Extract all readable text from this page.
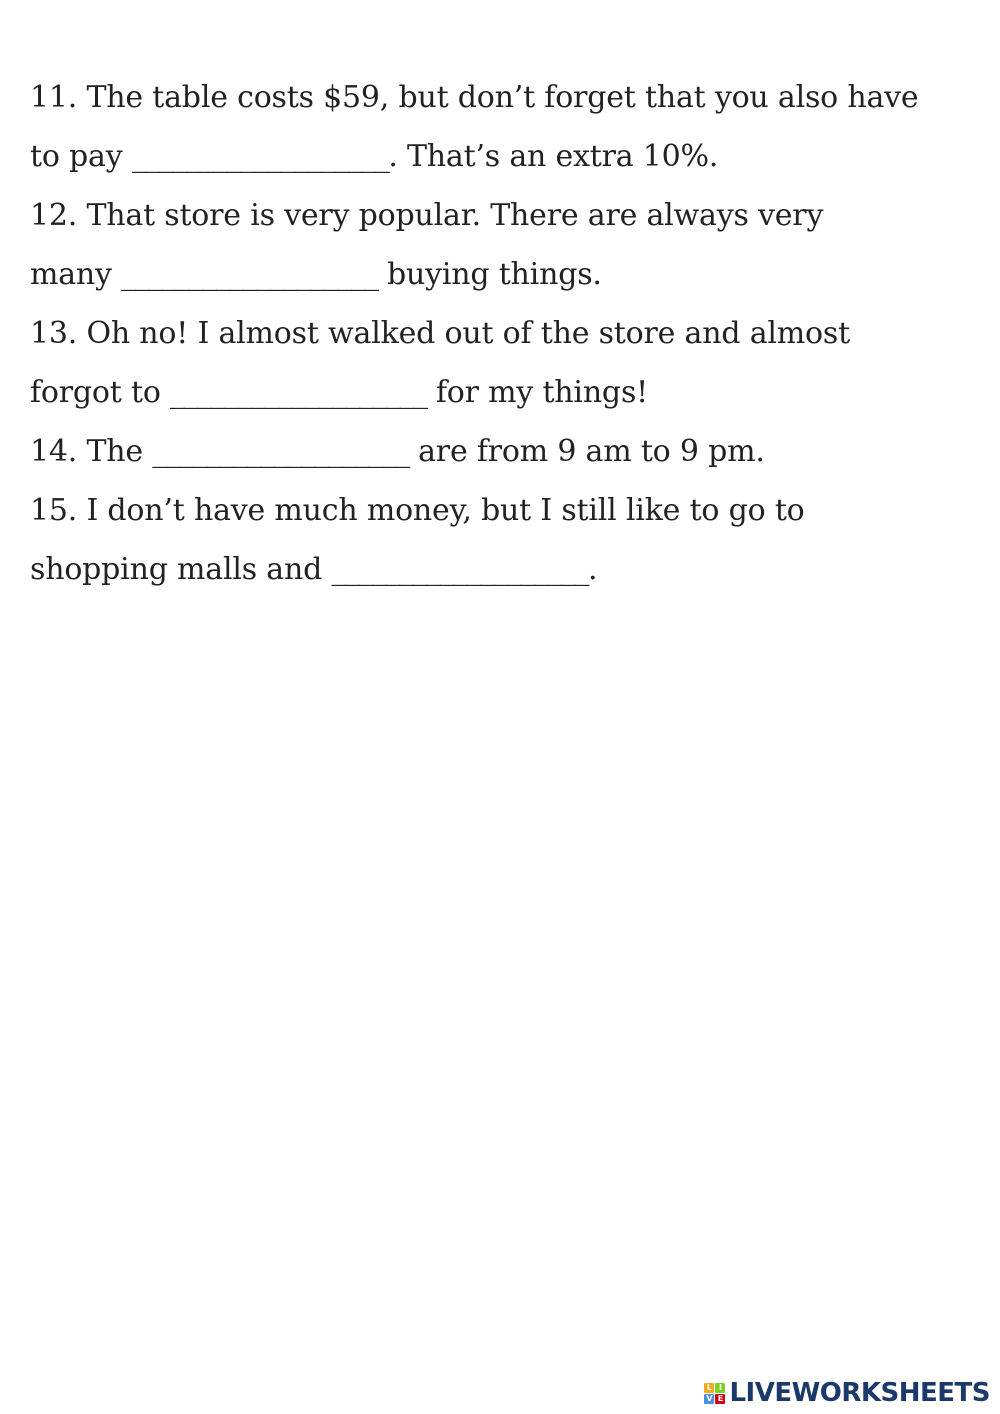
11. The table costs $59, but don’t forget that you also have
to pay ___________________. That’s an extra 10%.
12. That store is very popular. There are always very
many ___________________ buying things.
13. Oh no! I almost walked out of the store and almost
forgot to ___________________ for my things!
14. The ___________________ are from 9 am to 9 pm.
15. I don’t have much money, but I still like to go to
shopping malls and ___________________.
L I
V E LIVEWORKSHEETS
